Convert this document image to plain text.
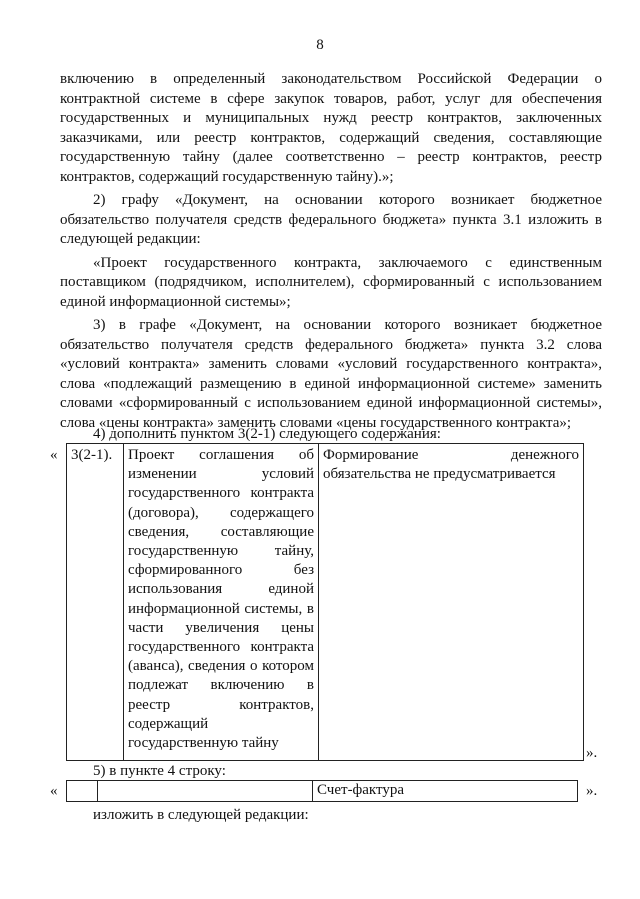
8

включению в определенный законодательством Российской Федерации о контрактной системе в сфере закупок товаров, работ, услуг для обеспечения государственных и муниципальных нужд реестр контрактов, заключенных заказчиками, или реестр контрактов, содержащий сведения, составляющие государственную тайну (далее соответственно – реестр контрактов, реестр контрактов, содержащий государственную тайну).»;

2) графу «Документ, на основании которого возникает бюджетное обязательство получателя средств федерального бюджета» пункта 3.1 изложить в следующей редакции:

«Проект государственного контракта, заключаемого с единственным поставщиком (подрядчиком, исполнителем), сформированный с использованием единой информационной системы»;

3) в графе «Документ, на основании которого возникает бюджетное обязательство получателя средств федерального бюджета» пункта 3.2 слова «условий контракта» заменить словами «условий государственного контракта», слова «подлежащий размещению в единой информационной системе» заменить словами «сформированный с использованием единой информационной системы», слова «цены контракта» заменить словами «цены государственного контракта»;

4) дополнить пунктом 3(2-1) следующего содержания:
« 3(2-1).	Проект соглашения об изменении условий государственного контракта (договора), содержащего сведения, составляющие государственную тайну, сформированного без использования единой информационной системы, в части увеличения цены государственного контракта (аванса), сведения о котором подлежат включению в реестр контрактов, содержащий государственную тайну	Формирование денежного обязательства не предусматривается
».
5) в пункте 4 строку:
«
			Счет-фактура	».
изложить в следующей редакции:
